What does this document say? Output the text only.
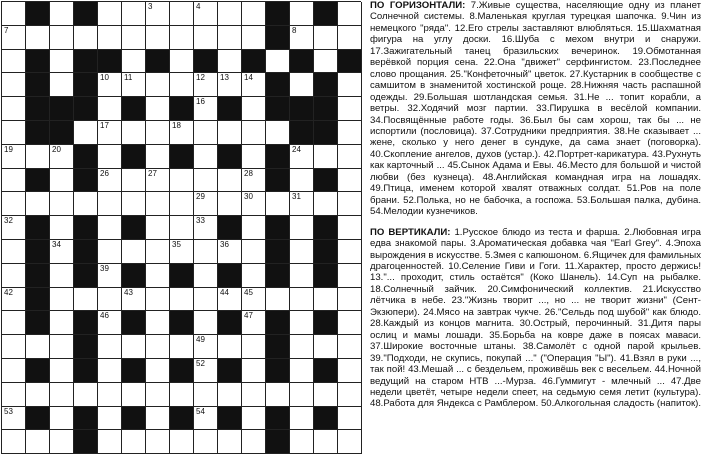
3	4
7	8
10 11	12 13 14
16
17	18
19	20	24
26	27	28
29	30	31
32	33
34	35	36
39
42	43	44 45
46	47
49
52
53	54

ПО ГОРИЗОНТАЛИ: 7.Живые существа, населяющие одну из планет Солнечной системы. 8.Маленькая круглая турецкая шапочка. 9.Чин из немецкого "ряда". 12.Его стрелы заставляют влюбляться. 15.Шахматная фигура на углу доски. 16.Шуба с мехом внутри и снаружи. 17.Зажигательный танец бразильских вечеринок. 19.Обмотанная верёвкой порция сена. 22.Она "движет" серфингистом. 23.Последнее слово прощания. 25."Конфеточный" цветок. 27.Кустарник в сообществе с самшитом в знаменитой хостинской роще. 28.Нижняя часть распашной одежды. 29.Большая шотландская семья. 31.Не ... топит корабли, а ветры. 32.Ходячий мозг партии. 33.Пирушка в весёлой компании. 34.Посвящённые работе годы. 36.Был бы сам хорош, так бы ... не испортили (пословица). 37.Сотрудники предприятия. 38.Не сказывает ... жене, сколько у него денег в сундуке, да сама знает (поговорка). 40.Скопление ангелов, духов (устар.). 42.Портрет-карикатура. 43.Рухнуть как карточный ... 45.Сынок Адама и Евы. 46.Место для большой и чистой любви (без кузнеца). 48.Английская командная игра на лошадях. 49.Птица, именем которой хвалят отважных солдат. 51.Ров на поле брани. 52.Полька, но не бабочка, а госпожа. 53.Большая палка, дубина. 54.Мелодии кузнечиков.

ПО ВЕРТИКАЛИ: 1.Русское блюдо из теста и фарша. 2.Любовная игра едва знакомой пары. 3.Ароматическая добавка чая "Earl Grey". 4.Эпоха вырождения в искусстве. 5.Змея с капюшоном. 6.Ящичек для фамильных драгоценностей. 10.Селение Гиви и Гоги. 11.Характер, просто держись! 13."... проходит, стиль остаётся" (Коко Шанель). 14.Суп на рыбалке. 18.Солнечный зайчик. 20.Симфонический коллектив. 21.Искусство лётчика в небе. 23."Жизнь творит ..., но ... не творит жизни" (Сент-Экзюпери). 24.Мясо на завтрак чукче. 26."Сельдь под шубой" как блюдо. 28.Каждый из концов магнита. 30.Острый, перочинный. 31.Дитя пары ослиц и мамы лошади. 35.Борьба на ковре даже в поясах маваси. 37.Широкие восточные штаны. 38.Самолёт с одной парой крыльев. 39."Подходи, не скупись, покупай ..." ("Операция "Ы"). 41.Взял в руки ..., так пой! 43.Мешай ... с бездельем, проживёшь век с весельем. 44.Ночной ведущий на старом НТВ ...-Мурза. 46.Гуммигут - млечный ... 47.Две недели цветёт, четыре недели спеет, на седьмую семя летит (культура). 48.Работа для Яндекса с Рамблером. 50.Алкогольная сладость (напиток).
